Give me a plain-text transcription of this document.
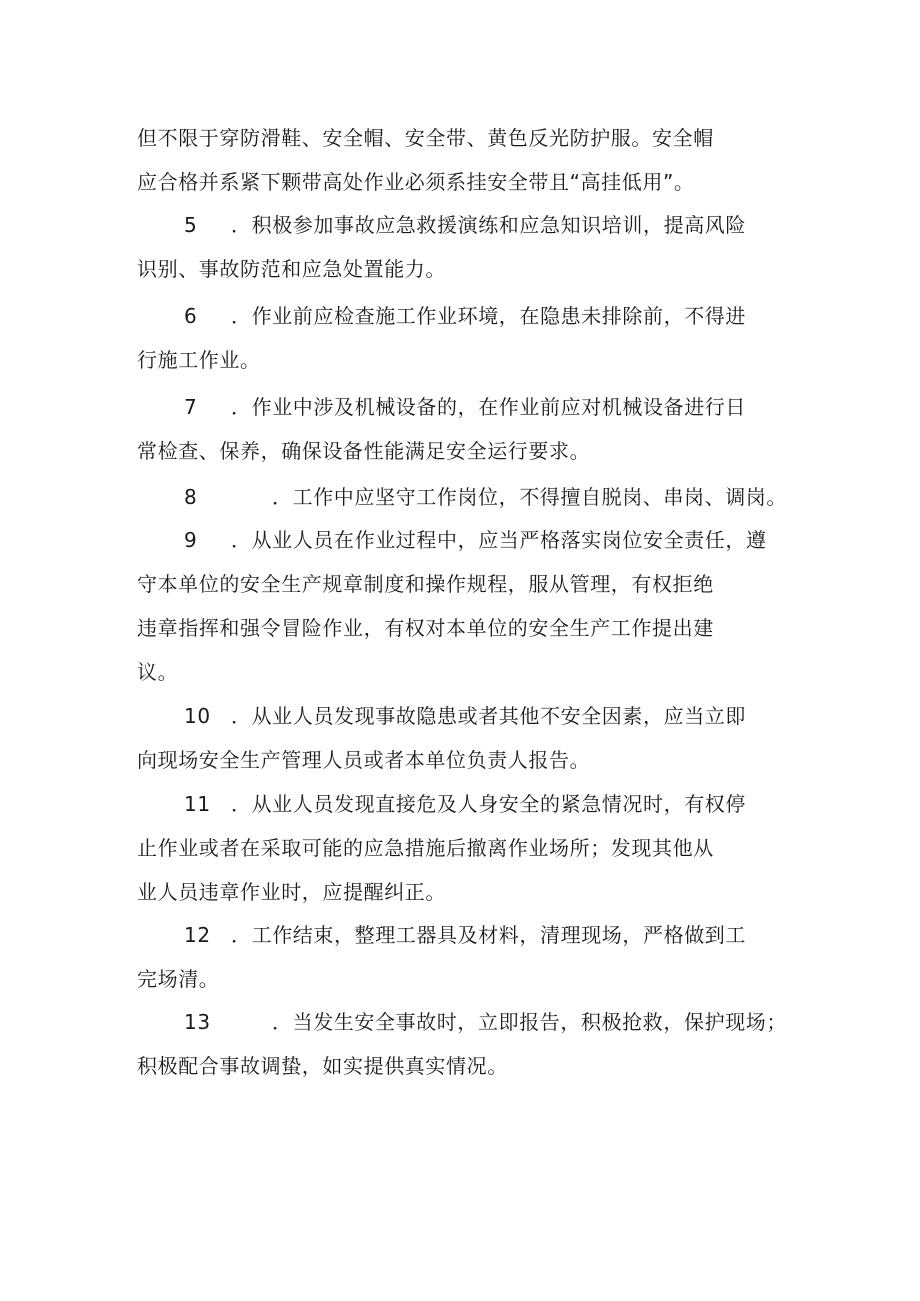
但不限于穿防滑鞋、安全帽、安全带、黄色反光防护服。安全帽
应合格并系紧下颗带高处作业必须系挂安全带且“高挂低用”。
5 ．积极参加事故应急救援演练和应急知识培训，提高风险
识别、事故防范和应急处置能力。
6 ．作业前应检查施工作业环境，在隐患未排除前，不得进
行施工作业。
7 ．作业中涉及机械设备的，在作业前应对机械设备进行日
常检查、保养，确保设备性能满足安全运行要求。
8	．工作中应坚守工作岗位，不得擅自脱岗、串岗、调岗。
9 ．从业人员在作业过程中，应当严格落实岗位安全责任，遵
守本单位的安全生产规章制度和操作规程，服从管理，有权拒绝
违章指挥和强令冒险作业，有权对本单位的安全生产工作提出建
议。
10 ．从业人员发现事故隐患或者其他不安全因素，应当立即
向现场安全生产管理人员或者本单位负责人报告。
11 ．从业人员发现直接危及人身安全的紧急情况时，有权停
止作业或者在采取可能的应急措施后撤离作业场所；发现其他从
业人员违章作业时，应提醒纠正。
12 ．工作结束，整理工器具及材料，清理现场，严格做到工
完场清。
13	．当发生安全事故时，立即报告，积极抢救，保护现场；
积极配合事故调蛰，如实提供真实情况。
